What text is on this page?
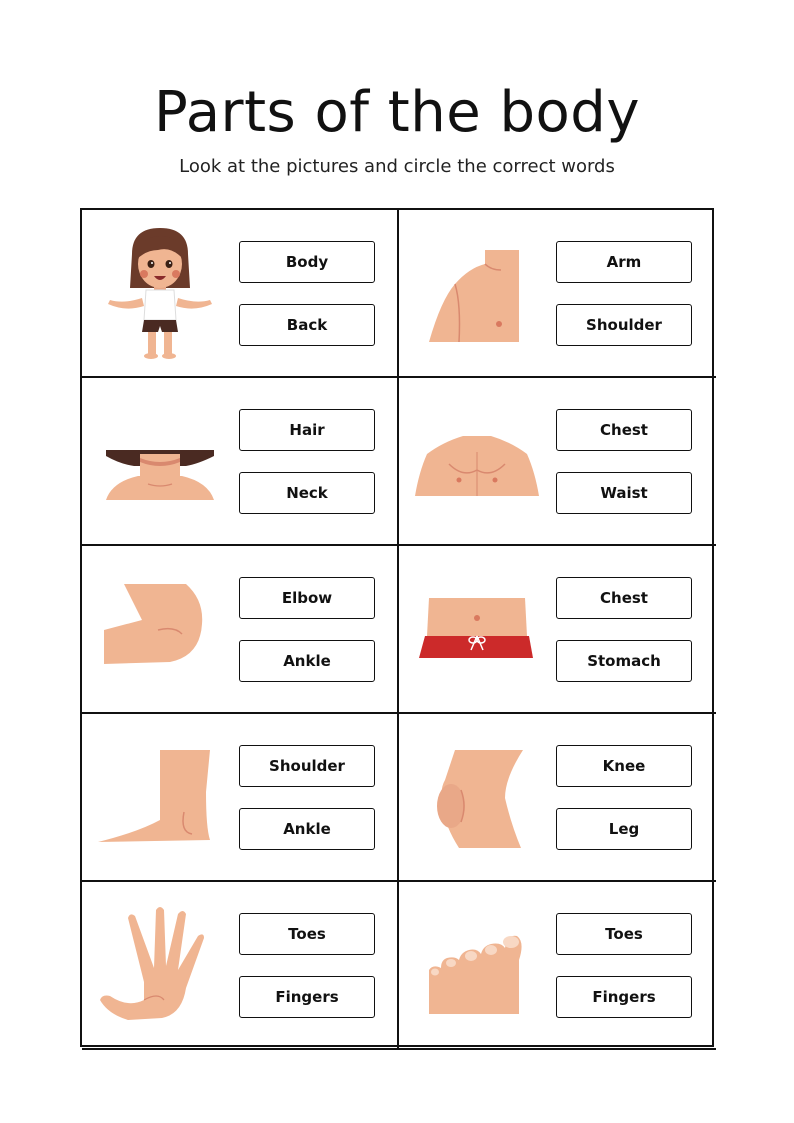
Parts of the body
Look at the pictures and circle the correct words
Body
Back
Arm
Shoulder
Hair
Neck
Chest
Waist
Elbow
Ankle
Chest
Stomach
Shoulder
Ankle
Knee
Leg
Toes
Fingers
Toes
Fingers
